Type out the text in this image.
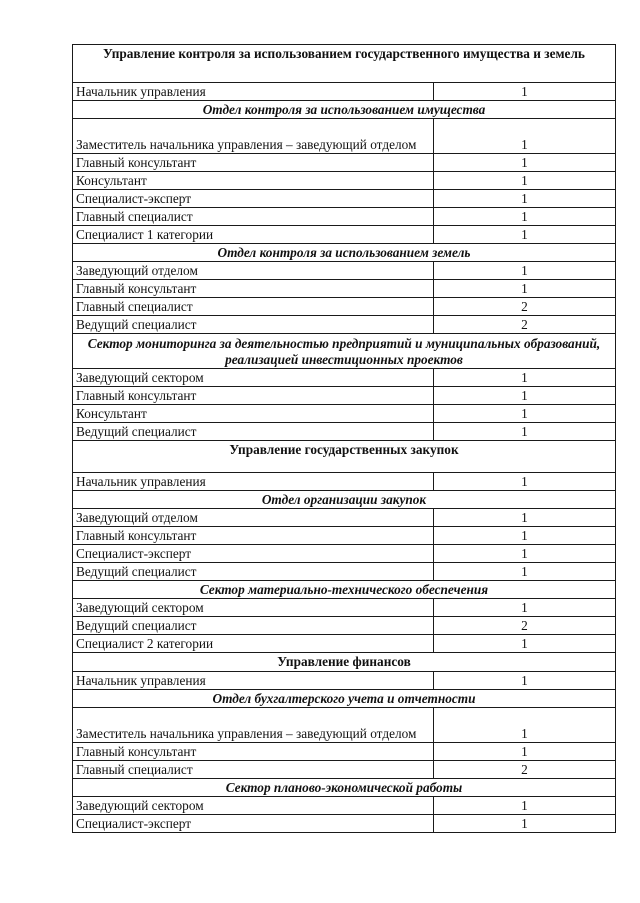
Управление контроля за использованием государственного имущества и земель	
Начальник управления	1
Отдел контроля за использованием имущества	
Заместитель начальника управления – заведующий отделом	1
Главный консультант	1
Консультант	1
Специалист-эксперт	1
Главный специалист	1
Специалист 1 категории	1
Отдел контроля за использованием земель	
Заведующий отделом	1
Главный консультант	1
Главный специалист	2
Ведущий специалист	2
Сектор мониторинга за деятельностью предприятий и муниципальных образований, реализацией инвестиционных проектов	
Заведующий сектором	1
Главный консультант	1
Консультант	1
Ведущий специалист	1
Управление государственных закупок	
Начальник управления	1
Отдел организации закупок	
Заведующий отделом	1
Главный консультант	1
Специалист-эксперт	1
Ведущий специалист	1
Сектор материально-технического обеспечения	
Заведующий сектором	1
Ведущий специалист	2
Специалист 2 категории	1
Управление финансов	
Начальник управления	1
Отдел бухгалтерского учета и отчетности	
Заместитель начальника управления – заведующий отделом	1
Главный консультант	1
Главный специалист	2
Сектор планово-экономической работы	
Заведующий сектором	1
Специалист-эксперт	1
